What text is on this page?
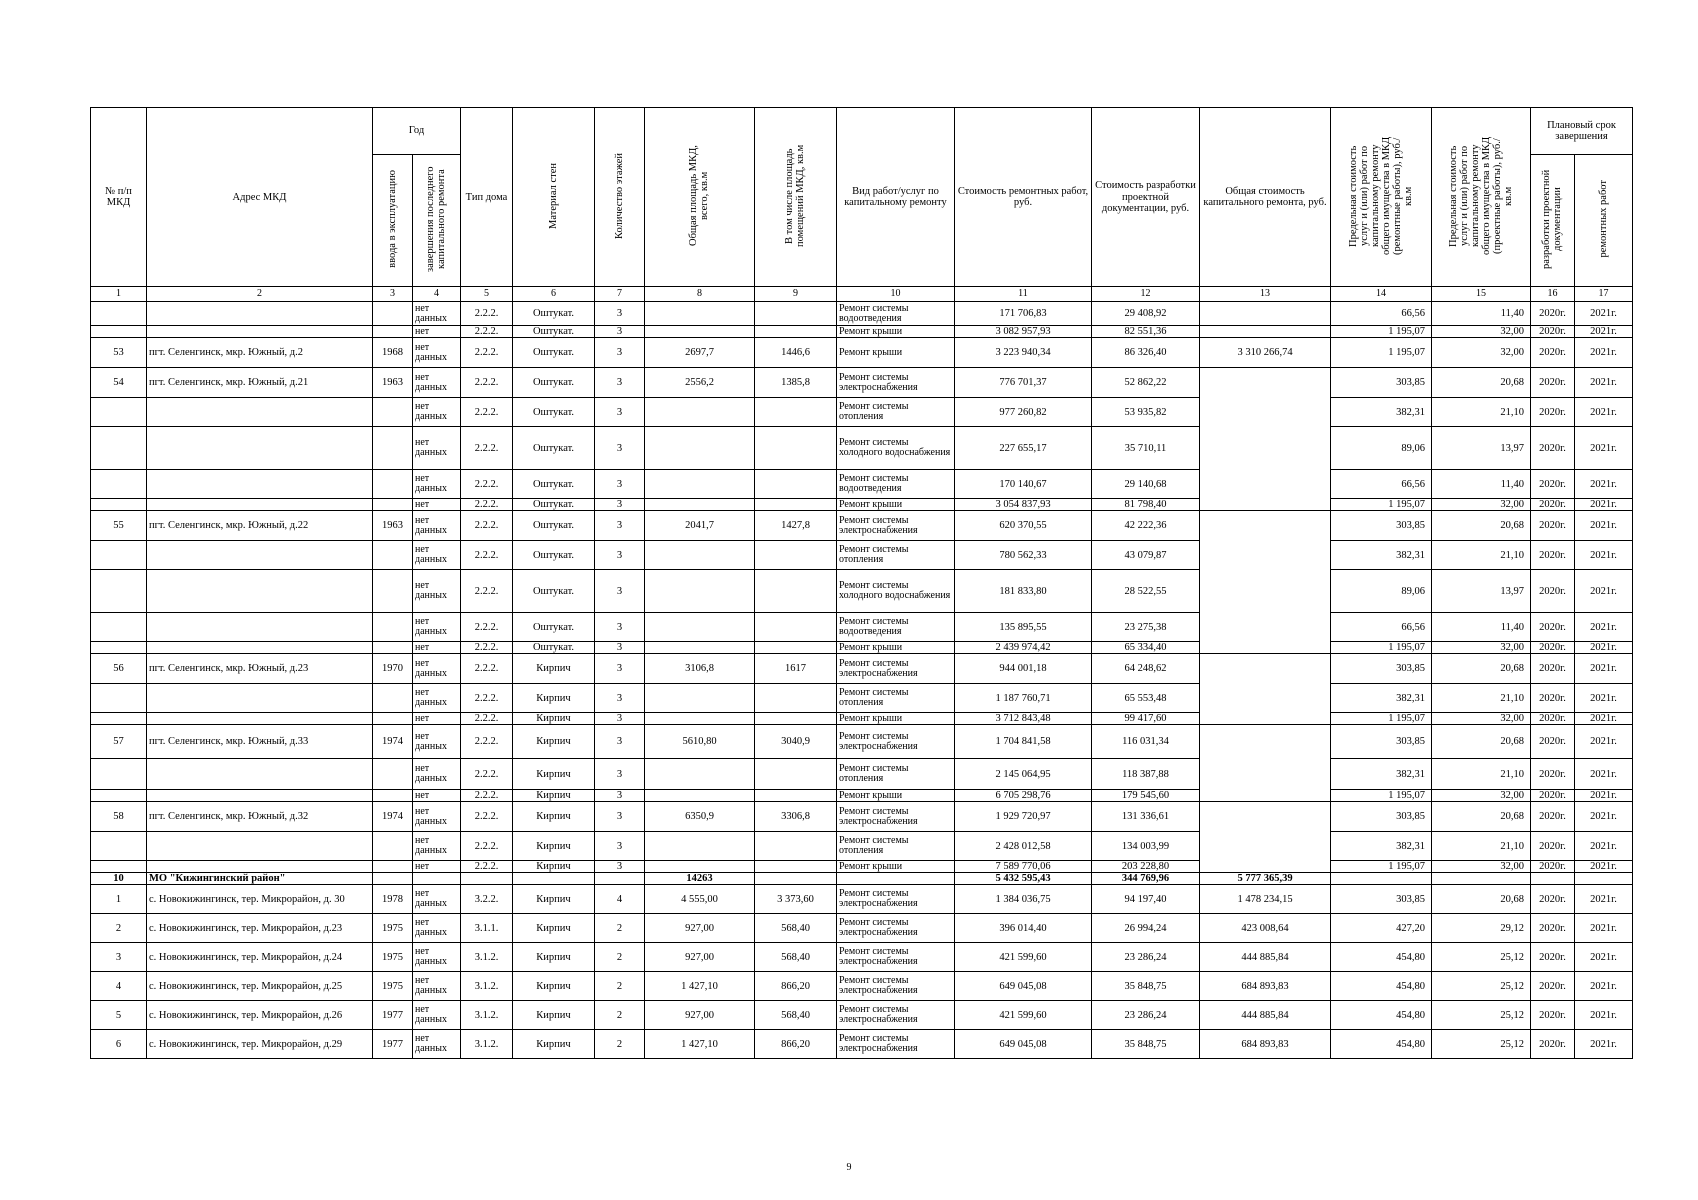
№ п/п МКД	Адрес МКД	Год		Тип дома	Материал стен	Количество этажей	Общая площадь МКД, всего, кв.м	В том числе площадь помещений МКД, кв.м	Вид работ/услуг по капитальному ремонту	Стоимость ремонтных работ, руб.	Стоимость разработки проектной документации, руб.	Общая стоимость капитального ремонта, руб.	Предельная стоимость услуг и (или) работ по капитальному ремонту общего имущества в МКД (ремонтные работы), руб./кв.м	Предельная стоимость услуг и (или) работ по капитальному ремонту общего имущества в МКД (проектные работы), руб./кв.м	Плановый срок завершения	
		ввода в эксплуатацию	завершения последнего капитального ремонта												разработки проектной документации	ремонтных работ
1	2	3	4	5	6	7	8	9	10	11	12	13	14	15	16	17
			нет данных	2.2.2.	Оштукат.	3			Ремонт системы водоотведения	171 706,83	29 408,92		66,56	11,40	2020г.	2021г.
			нет	2.2.2.	Оштукат.	3			Ремонт крыши	3 082 957,93	82 551,36		1 195,07	32,00	2020г.	2021г.
53	пгт. Селенгинск, мкр. Южный, д.2	1968	нет данных	2.2.2.	Оштукат.	3	2697,7	1446,6	Ремонт крыши	3 223 940,34	86 326,40	3 310 266,74	1 195,07	32,00	2020г.	2021г.
54	пгт. Селенгинск, мкр. Южный, д.21	1963	нет данных	2.2.2.	Оштукат.	3	2556,2	1385,8	Ремонт системы электроснабжения	776 701,37	52 862,22		303,85	20,68	2020г.	2021г.
			нет данных	2.2.2.	Оштукат.	3			Ремонт системы отопления	977 260,82	53 935,82		382,31	21,10	2020г.	2021г.
			нет данных	2.2.2.	Оштукат.	3			Ремонт системы холодного водоснабжения	227 655,17	35 710,11		89,06	13,97	2020г.	2021г.
			нет данных	2.2.2.	Оштукат.	3			Ремонт системы водоотведения	170 140,67	29 140,68		66,56	11,40	2020г.	2021г.
			нет	2.2.2.	Оштукат.	3			Ремонт крыши	3 054 837,93	81 798,40		1 195,07	32,00	2020г.	2021г.
55	пгт. Селенгинск, мкр. Южный, д.22	1963	нет данных	2.2.2.	Оштукат.	3	2041,7	1427,8	Ремонт системы электроснабжения	620 370,55	42 222,36		303,85	20,68	2020г.	2021г.
			нет данных	2.2.2.	Оштукат.	3			Ремонт системы отопления	780 562,33	43 079,87		382,31	21,10	2020г.	2021г.
			нет данных	2.2.2.	Оштукат.	3			Ремонт системы холодного водоснабжения	181 833,80	28 522,55		89,06	13,97	2020г.	2021г.
			нет данных	2.2.2.	Оштукат.	3			Ремонт системы водоотведения	135 895,55	23 275,38		66,56	11,40	2020г.	2021г.
			нет	2.2.2.	Оштукат.	3			Ремонт крыши	2 439 974,42	65 334,40		1 195,07	32,00	2020г.	2021г.
56	пгт. Селенгинск, мкр. Южный, д.23	1970	нет данных	2.2.2.	Кирпич	3	3106,8	1617	Ремонт системы электроснабжения	944 001,18	64 248,62		303,85	20,68	2020г.	2021г.
			нет данных	2.2.2.	Кирпич	3			Ремонт системы отопления	1 187 760,71	65 553,48		382,31	21,10	2020г.	2021г.
			нет	2.2.2.	Кирпич	3			Ремонт крыши	3 712 843,48	99 417,60		1 195,07	32,00	2020г.	2021г.
57	пгт. Селенгинск, мкр. Южный, д.33	1974	нет данных	2.2.2.	Кирпич	3	5610,80	3040,9	Ремонт системы электроснабжения	1 704 841,58	116 031,34		303,85	20,68	2020г.	2021г.
			нет данных	2.2.2.	Кирпич	3			Ремонт системы отопления	2 145 064,95	118 387,88		382,31	21,10	2020г.	2021г.
			нет	2.2.2.	Кирпич	3			Ремонт крыши	6 705 298,76	179 545,60		1 195,07	32,00	2020г.	2021г.
58	пгт. Селенгинск, мкр. Южный, д.32	1974	нет данных	2.2.2.	Кирпич	3	6350,9	3306,8	Ремонт системы электроснабжения	1 929 720,97	131 336,61		303,85	20,68	2020г.	2021г.
			нет данных	2.2.2.	Кирпич	3			Ремонт системы отопления	2 428 012,58	134 003,99		382,31	21,10	2020г.	2021г.
			нет	2.2.2.	Кирпич	3			Ремонт крыши	7 589 770,06	203 228,80		1 195,07	32,00	2020г.	2021г.
10	МО "Кижингинский район"						14263			5 432 595,43	344 769,96	5 777 365,39				
1	с. Новокижингинск, тер. Микрорайон, д. 30	1978	нет данных	3.2.2.	Кирпич	4	4 555,00	3 373,60	Ремонт системы электроснабжения	1 384 036,75	94 197,40	1 478 234,15	303,85	20,68	2020г.	2021г.
2	с. Новокижингинск, тер. Микрорайон, д.23	1975	нет данных	3.1.1.	Кирпич	2	927,00	568,40	Ремонт системы электроснабжения	396 014,40	26 994,24	423 008,64	427,20	29,12	2020г.	2021г.
3	с. Новокижингинск, тер. Микрорайон, д.24	1975	нет данных	3.1.2.	Кирпич	2	927,00	568,40	Ремонт системы электроснабжения	421 599,60	23 286,24	444 885,84	454,80	25,12	2020г.	2021г.
4	с. Новокижингинск, тер. Микрорайон, д.25	1975	нет данных	3.1.2.	Кирпич	2	1 427,10	866,20	Ремонт системы электроснабжения	649 045,08	35 848,75	684 893,83	454,80	25,12	2020г.	2021г.
5	с. Новокижингинск, тер. Микрорайон, д.26	1977	нет данных	3.1.2.	Кирпич	2	927,00	568,40	Ремонт системы электроснабжения	421 599,60	23 286,24	444 885,84	454,80	25,12	2020г.	2021г.
6	с. Новокижингинск, тер. Микрорайон, д.29	1977	нет данных	3.1.2.	Кирпич	2	1 427,10	866,20	Ремонт системы электроснабжения	649 045,08	35 848,75	684 893,83	454,80	25,12	2020г.	2021г.
9
